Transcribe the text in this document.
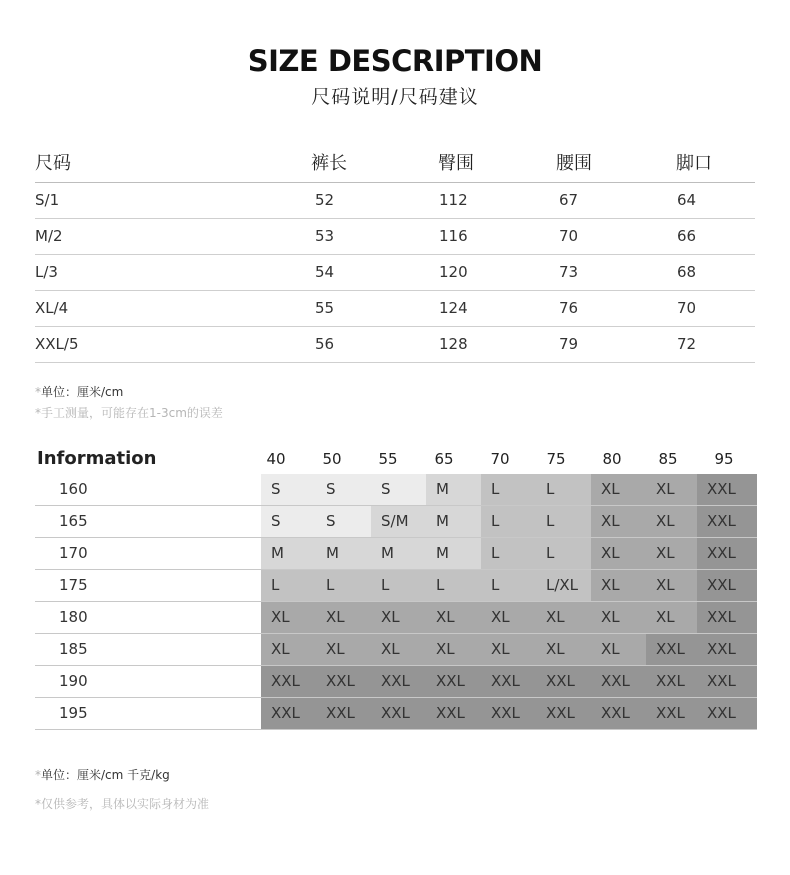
SIZE DESCRIPTION
尺码说明/尺码建议
尺码	裤长	臀围	腰围	脚口
S/1	52	112	67	64
M/2	53	116	70	66
L/3	54	120	73	68
XL/4	55	124	76	70
XXL/5	56	128	79	72
*单位：厘米/cm
*手工测量，可能存在1-3cm的误差
Information	40	50	55	65	70	75	80	85	95
160	S	S	S	M	L	L	XL	XL	XXL
165	S	S	S/M	M	L	L	XL	XL	XXL
170	M	M	M	M	L	L	XL	XL	XXL
175	L	L	L	L	L	L/XL	XL	XL	XXL
180	XL	XL	XL	XL	XL	XL	XL	XL	XXL
185	XL	XL	XL	XL	XL	XL	XL	XXL	XXL
190	XXL	XXL	XXL	XXL	XXL	XXL	XXL	XXL	XXL
195	XXL	XXL	XXL	XXL	XXL	XXL	XXL	XXL	XXL
*单位：厘米/cm 千克/kg
*仅供参考，具体以实际身材为准
